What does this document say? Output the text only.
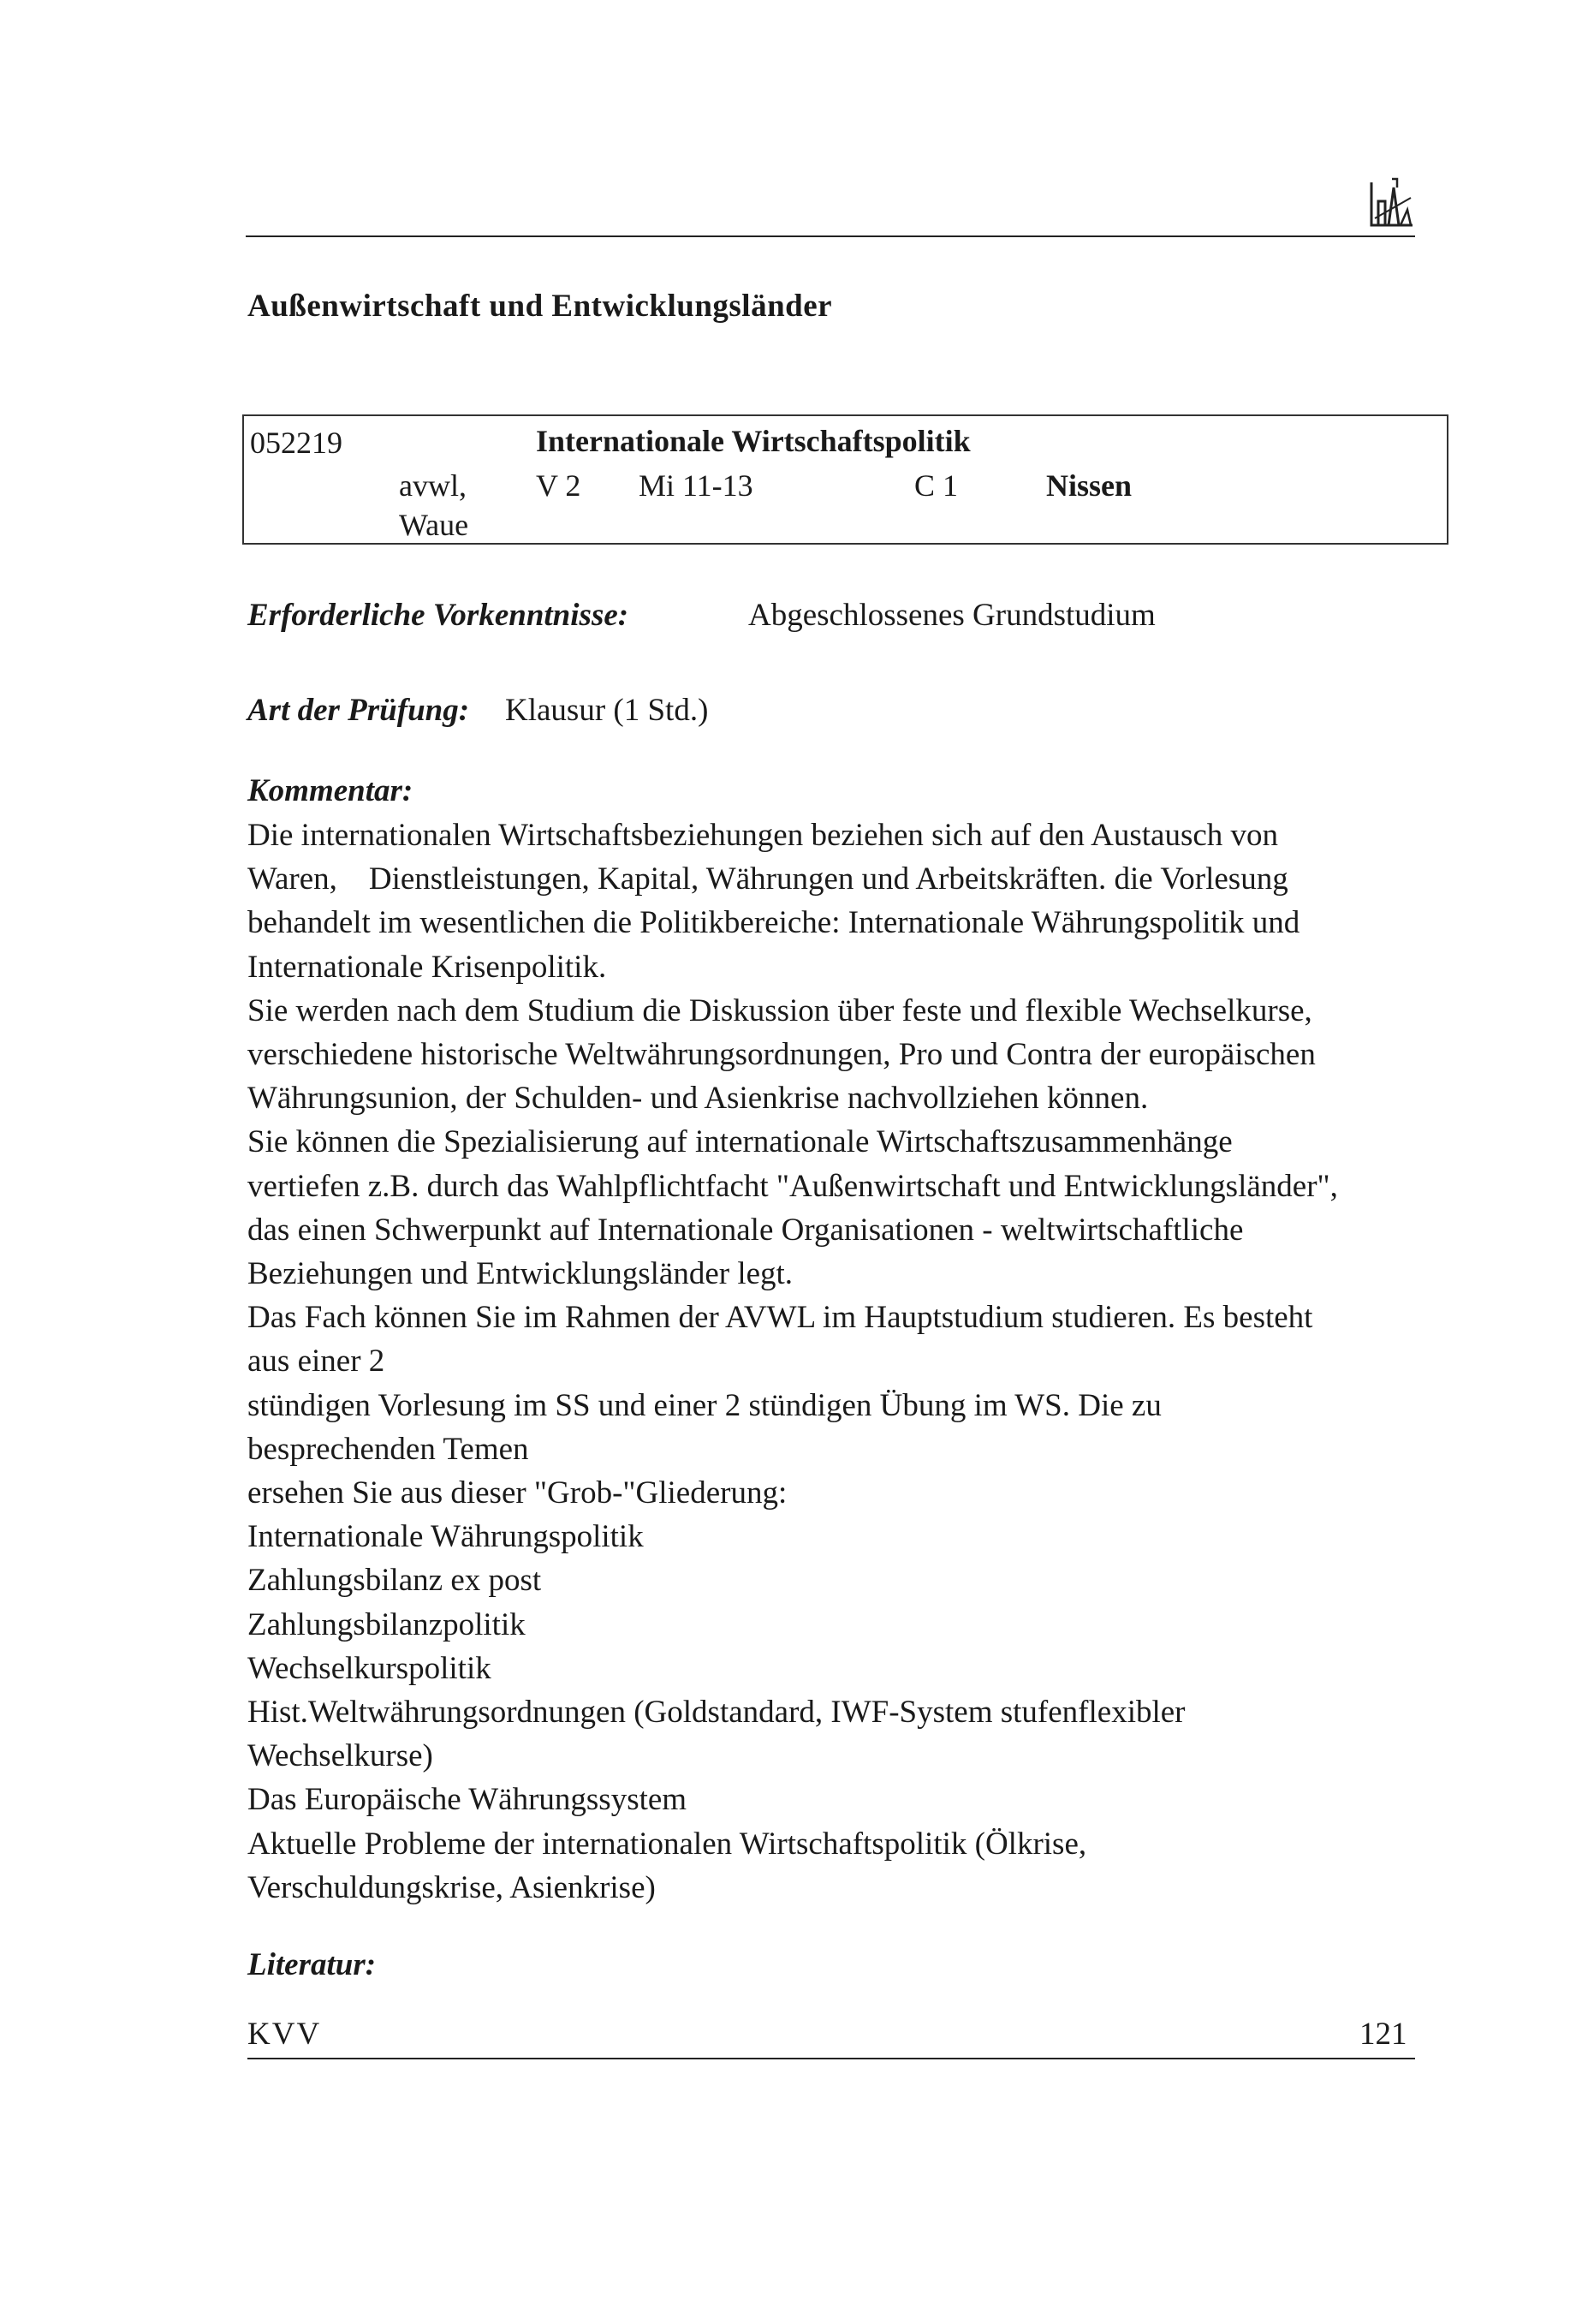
Außenwirtschaft und Entwicklungsländer
052219	Internationale Wirtschaftspolitik
avwl, V 2 Mi 11-13	C 1	Nissen
Waue
Erforderliche Vorkenntnisse:	Abgeschlossenes Grundstudium
Art der Prüfung: Klausur (1 Std.)
Kommentar:
Die internationalen Wirtschaftsbeziehungen beziehen sich auf den Austausch von
Waren,    Dienstleistungen, Kapital, Währungen und Arbeitskräften. die Vorlesung
behandelt im wesentlichen die Politikbereiche: Internationale Währungspolitik und
Internationale Krisenpolitik.
Sie werden nach dem Studium die Diskussion über feste und flexible Wechselkurse,
verschiedene historische Weltwährungsordnungen, Pro und Contra der europäischen
Währungsunion, der Schulden- und Asienkrise nachvollziehen können.
Sie können die Spezialisierung auf internationale Wirtschaftszusammenhänge
vertiefen z.B. durch das Wahlpflichtfacht "Außenwirtschaft und Entwicklungsländer",
das einen Schwerpunkt auf Internationale Organisationen - weltwirtschaftliche
Beziehungen und Entwicklungsländer legt.
Das Fach können Sie im Rahmen der AVWL im Hauptstudium studieren. Es besteht
aus einer 2
stündigen Vorlesung im SS und einer 2 stündigen Übung im WS. Die zu
besprechenden Temen
ersehen Sie aus dieser "Grob-"Gliederung:
Internationale Währungspolitik
Zahlungsbilanz ex post
Zahlungsbilanzpolitik
Wechselkurspolitik
Hist.Weltwährungsordnungen (Goldstandard, IWF-System stufenflexibler
Wechselkurse)
Das Europäische Währungssystem
Aktuelle Probleme der internationalen Wirtschaftspolitik (Ölkrise,
Verschuldungskrise, Asienkrise)
Literatur:
KVV	121
